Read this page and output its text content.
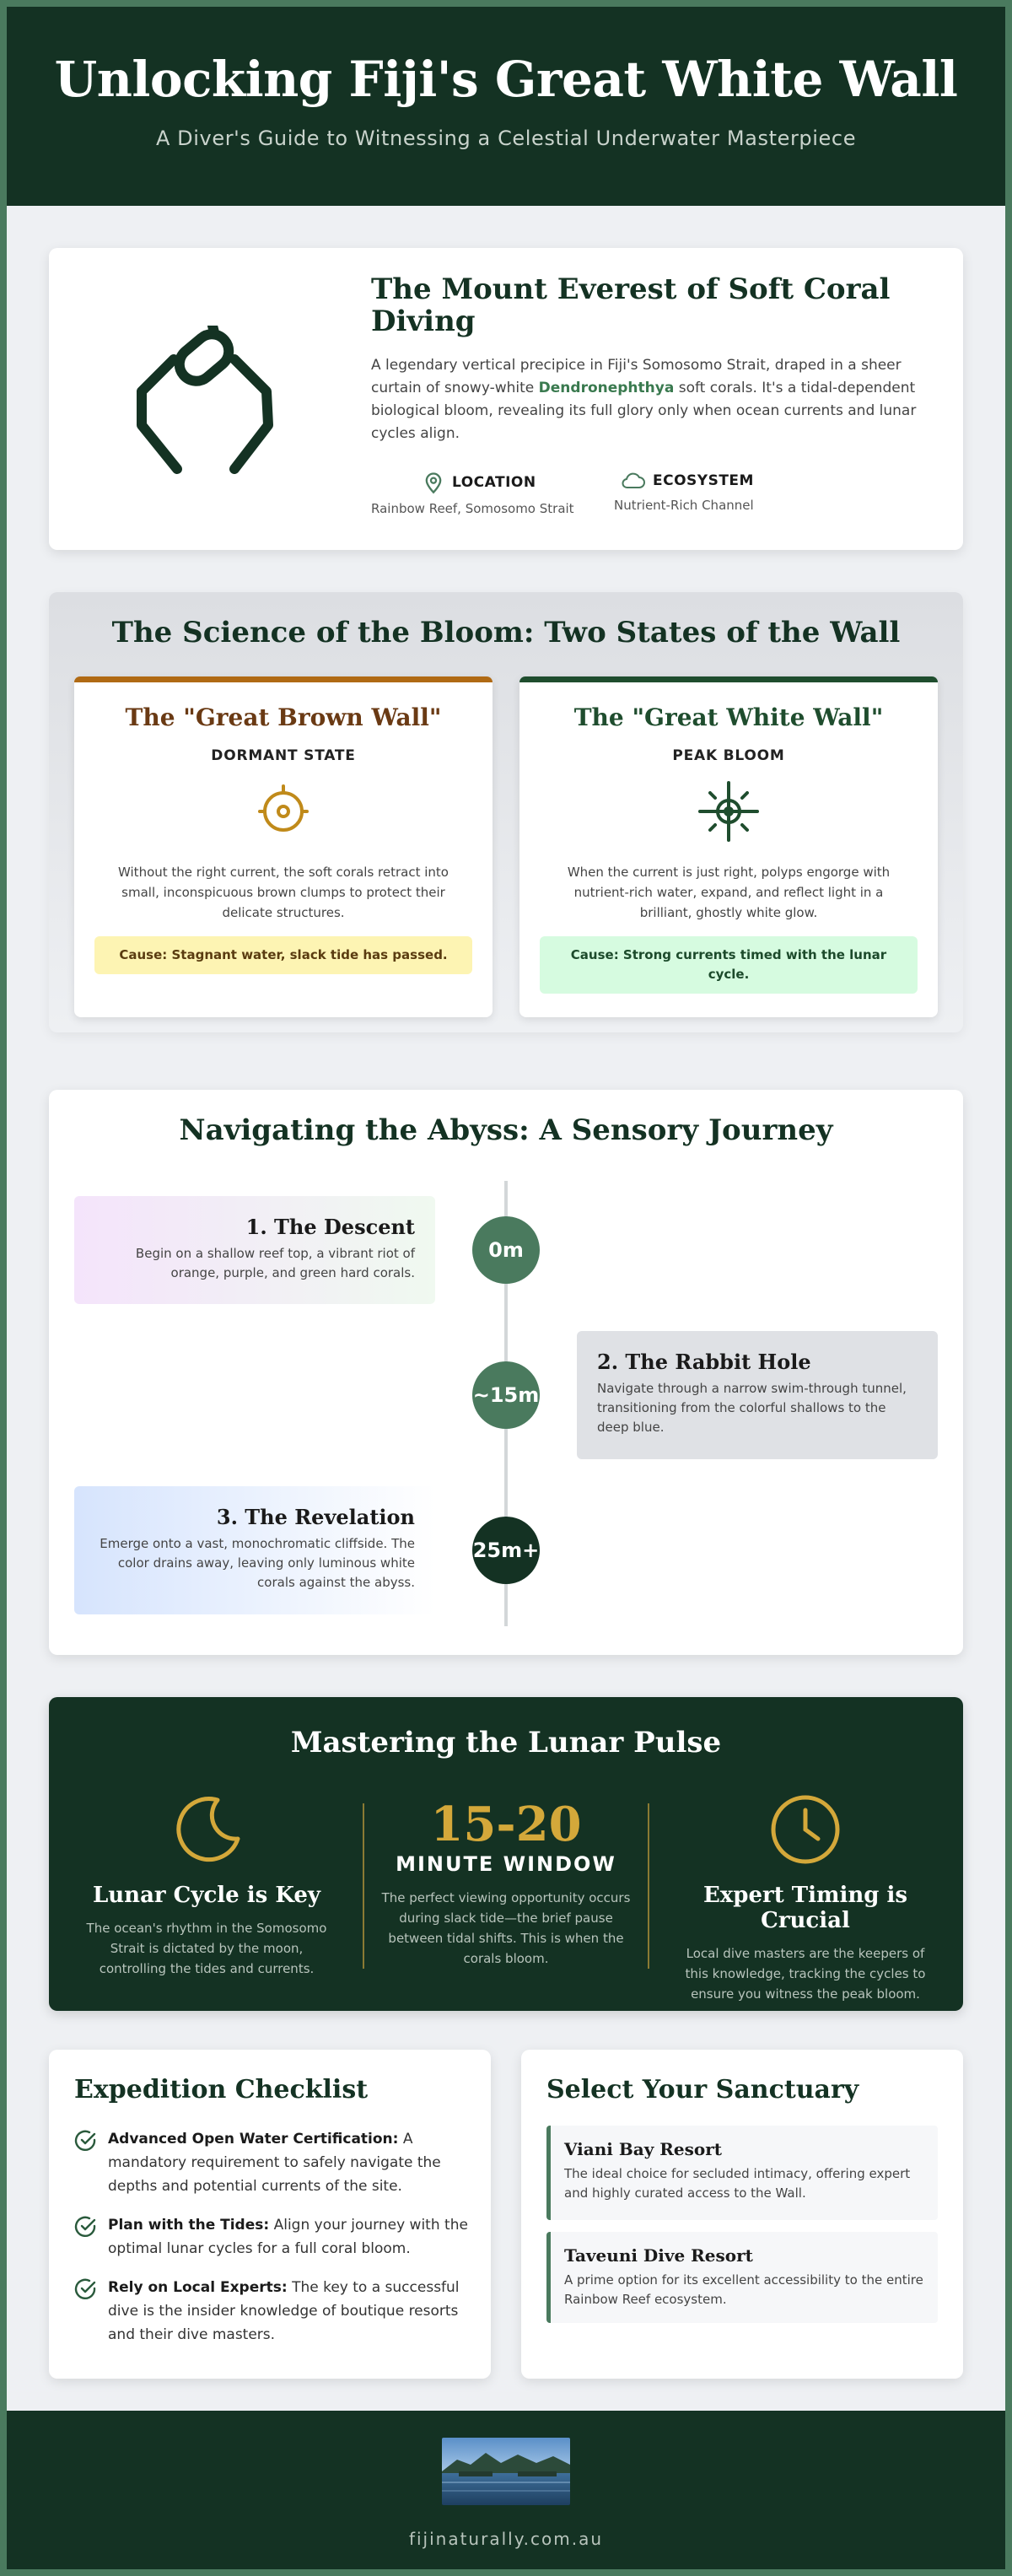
Unlocking Fiji's Great White Wall

A Diver's Guide to Witnessing a Celestial Underwater Masterpiece

The Mount Everest of Soft Coral Diving

A legendary vertical precipice in Fiji's Somosomo Strait, draped in a sheer curtain of snowy-white Dendronephthya soft corals. It's a tidal-dependent biological bloom, revealing its full glory only when ocean currents and lunar cycles align.

LOCATION
Rainbow Reef, Somosomo Strait
ECOSYSTEM
Nutrient-Rich Channel
The Science of the Bloom: Two States of the Wall
The "Great Brown Wall"
DORMANT STATE

Without the right current, the soft corals retract into small, inconspicuous brown clumps to protect their delicate structures.

Cause: Stagnant water, slack tide has passed.
The "Great White Wall"
PEAK BLOOM

When the current is just right, polyps engorge with nutrient-rich water, expand, and reflect light in a brilliant, ghostly white glow.

Cause: Strong currents timed with the lunar cycle.
Navigating the Abyss: A Sensory Journey
1. The Descent

Begin on a shallow reef top, a vibrant riot of orange, purple, and green hard corals.

0m
2. The Rabbit Hole

Navigate through a narrow swim-through tunnel, transitioning from the colorful shallows to the deep blue.

~15m
3. The Revelation

Emerge onto a vast, monochromatic cliffside. The color drains away, leaving only luminous white corals against the abyss.

25m+
Mastering the Lunar Pulse
Lunar Cycle is Key

The ocean's rhythm in the Somosomo Strait is dictated by the moon, controlling the tides and currents.

15-20
MINUTE WINDOW

The perfect viewing opportunity occurs during slack tide—the brief pause between tidal shifts. This is when the corals bloom.

Expert Timing is Crucial

Local dive masters are the keepers of this knowledge, tracking the cycles to ensure you witness the peak bloom.

Expedition Checklist
Advanced Open Water Certification: A mandatory requirement to safely navigate the depths and potential currents of the site.
Plan with the Tides: Align your journey with the optimal lunar cycles for a full coral bloom.
Rely on Local Experts: The key to a successful dive is the insider knowledge of boutique resorts and their dive masters.
Select Your Sanctuary
Viani Bay Resort

The ideal choice for secluded intimacy, offering expert and highly curated access to the Wall.

Taveuni Dive Resort

A prime option for its excellent accessibility to the entire Rainbow Reef ecosystem.

fijinaturally.com.au
